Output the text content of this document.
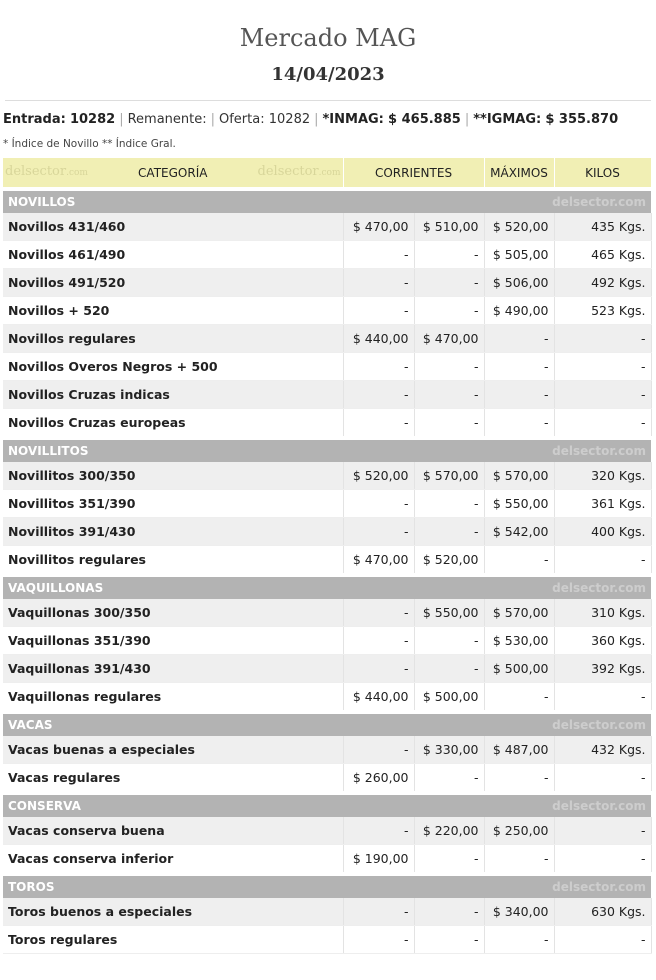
Mercado MAG
14/04/2023
Entrada: 10282 | Remanente: | Oferta: 10282 | *INMAG: $ 465.885 | **IGMAG: $ 355.870
* Índice de Novillo ** Índice Gral.
delsector.com CATEGORÍA delsector.com	CORRIENTES		MÁXIMOS	KILOS
NOVILLOS delsector.com				

Novillos 431/460	$ 470,00	$ 510,00	$ 520,00	435 Kgs.
Novillos 461/490	-	-	$ 505,00	465 Kgs.
Novillos 491/520	-	-	$ 506,00	492 Kgs.
Novillos + 520	-	-	$ 490,00	523 Kgs.
Novillos regulares	$ 440,00	$ 470,00	-	-
Novillos Overos Negros + 500	-	-	-	-
Novillos Cruzas indicas	-	-	-	-
Novillos Cruzas europeas	-	-	-	-
NOVILLITOS delsector.com				

Novillitos 300/350	$ 520,00	$ 570,00	$ 570,00	320 Kgs.
Novillitos 351/390	-	-	$ 550,00	361 Kgs.
Novillitos 391/430	-	-	$ 542,00	400 Kgs.
Novillitos regulares	$ 470,00	$ 520,00	-	-
VAQUILLONAS delsector.com				

Vaquillonas 300/350	-	$ 550,00	$ 570,00	310 Kgs.
Vaquillonas 351/390	-	-	$ 530,00	360 Kgs.
Vaquillonas 391/430	-	-	$ 500,00	392 Kgs.
Vaquillonas regulares	$ 440,00	$ 500,00	-	-
VACAS delsector.com				

Vacas buenas a especiales	-	$ 330,00	$ 487,00	432 Kgs.
Vacas regulares	$ 260,00	-	-	-
CONSERVA delsector.com				

Vacas conserva buena	-	$ 220,00	$ 250,00	-
Vacas conserva inferior	$ 190,00	-	-	-
TOROS delsector.com				

Toros buenos a especiales	-	-	$ 340,00	630 Kgs.
Toros regulares	-	-	-	-
